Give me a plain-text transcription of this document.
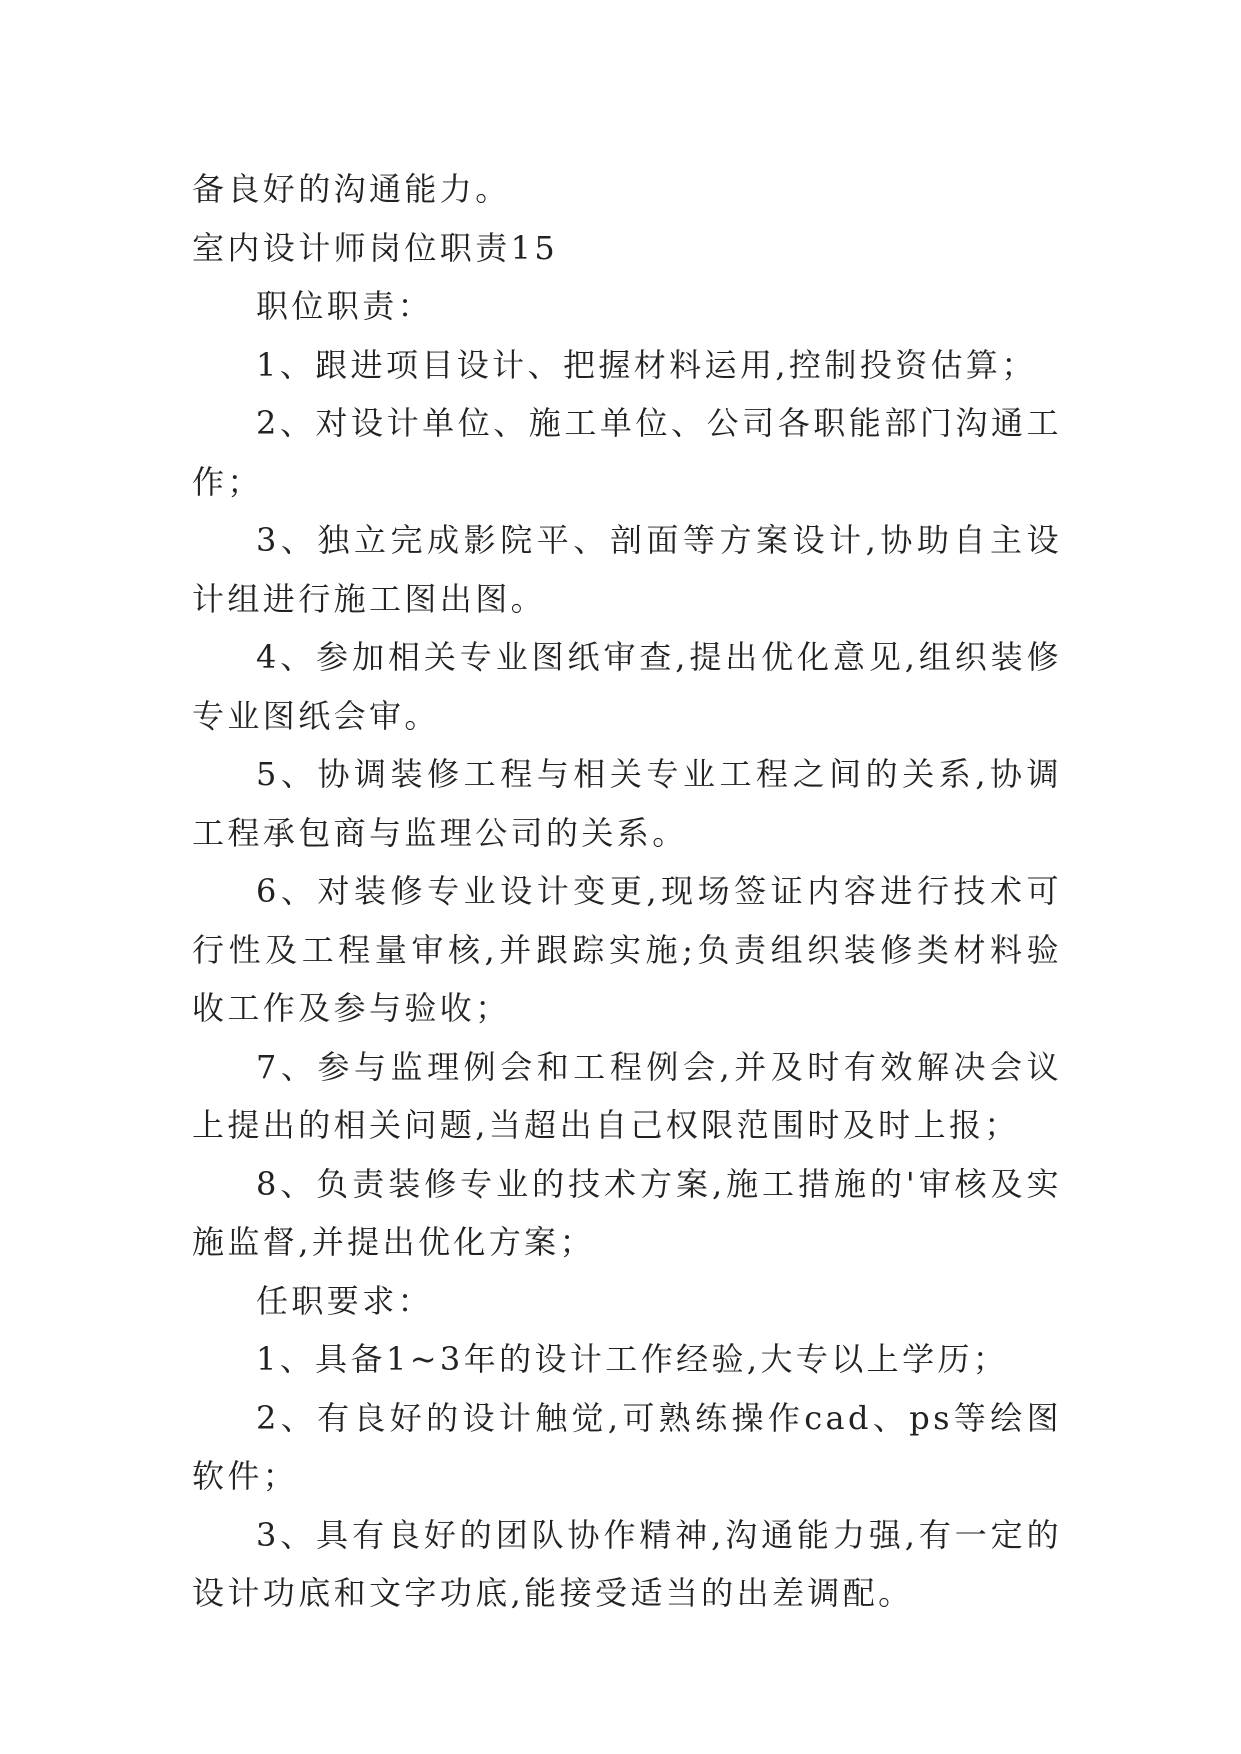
备良好的沟通能力。

室内设计师岗位职责15

职位职责：

1、跟进项目设计、把握材料运用,控制投资估算；

2、对设计单位、施工单位、公司各职能部门沟通工作；

3、独立完成影院平、剖面等方案设计,协助自主设计组进行施工图出图。

4、参加相关专业图纸审查,提出优化意见,组织装修专业图纸会审。

5、协调装修工程与相关专业工程之间的关系,协调工程承包商与监理公司的关系。

6、对装修专业设计变更,现场签证内容进行技术可行性及工程量审核,并跟踪实施;负责组织装修类材料验收工作及参与验收；

7、参与监理例会和工程例会,并及时有效解决会议上提出的相关问题,当超出自己权限范围时及时上报；

8、负责装修专业的技术方案,施工措施的'审核及实施监督,并提出优化方案；

任职要求：

1、具备1~3年的设计工作经验,大专以上学历；

2、有良好的设计触觉,可熟练操作cad、ps等绘图软件；

3、具有良好的团队协作精神,沟通能力强,有一定的设计功底和文字功底,能接受适当的出差调配。
